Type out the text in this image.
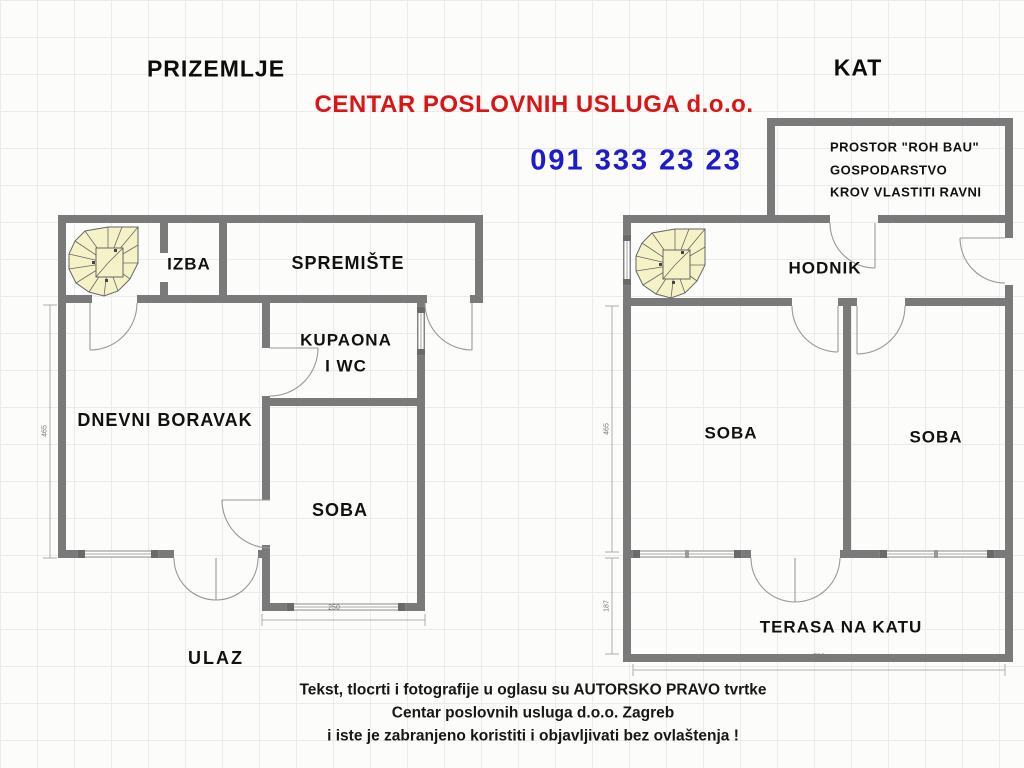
PRIZEMLJE	KAT
CENTAR POSLOVNIH USLUGA d.o.o.
091 333 23 23
IZBA	SPREMIŠTE
KUPAONA
I WC
DNEVNI BORAVAK
SOBA
ULAZ
PROSTOR "ROH BAU"
GOSPODARSTVO
KROV VLASTITI RAVNI
HODNIK
SOBA	SOBA
TERASA NA KATU
465
250
465
187
700
Tekst, tlocrti i fotografije u oglasu su AUTORSKO PRAVO tvrtke
Centar poslovnih usluga d.o.o. Zagreb
i iste je zabranjeno koristiti i objavljivati bez ovlaštenja !
